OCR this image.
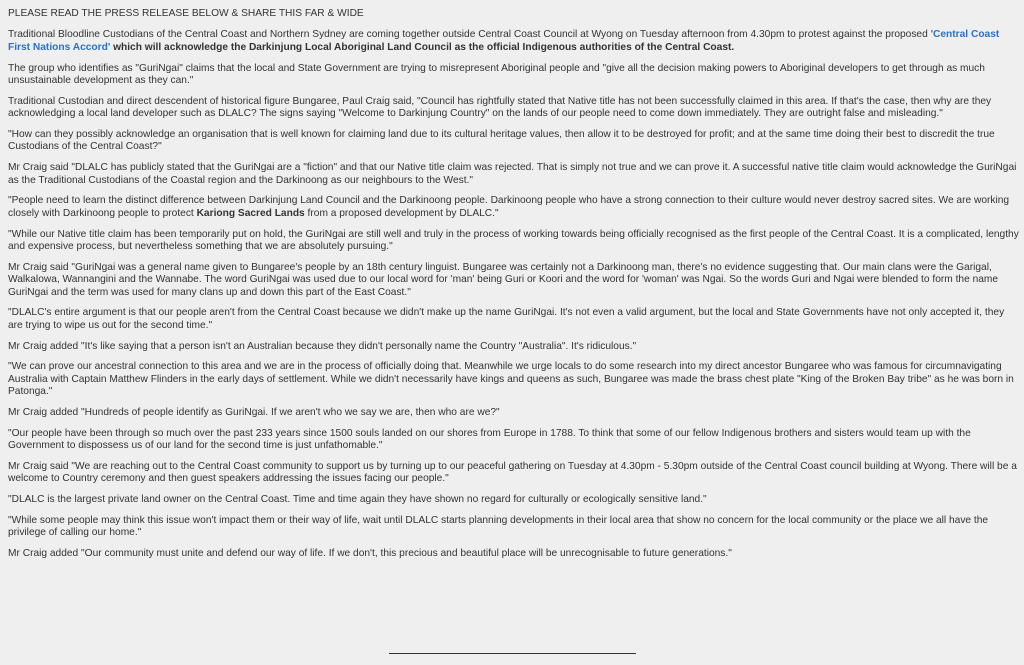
PLEASE READ THE PRESS RELEASE BELOW & SHARE THIS FAR & WIDE

Traditional Bloodline Custodians of the Central Coast and Northern Sydney are coming together outside Central Coast Council at Wyong on Tuesday afternoon from 4.30pm to protest against the proposed 'Central Coast First Nations Accord' which will acknowledge the Darkinjung Local Aboriginal Land Council as the official Indigenous authorities of the Central Coast.

The group who identifies as "GuriNgai" claims that the local and State Government are trying to misrepresent Aboriginal people and "give all the decision making powers to Aboriginal developers to get through as much unsustainable development as they can."

Traditional Custodian and direct descendent of historical figure Bungaree, Paul Craig said, "Council has rightfully stated that Native title has not been successfully claimed in this area. If that's the case, then why are they acknowledging a local land developer such as DLALC? The signs saying "Welcome to Darkinjung Country" on the lands of our people need to come down immediately. They are outright false and misleading."

"How can they possibly acknowledge an organisation that is well known for claiming land due to its cultural heritage values, then allow it to be destroyed for profit; and at the same time doing their best to discredit the true Custodians of the Central Coast?"

Mr Craig said "DLALC has publicly stated that the GuriNgai are a "fiction" and that our Native title claim was rejected. That is simply not true and we can prove it. A successful native title claim would acknowledge the GuriNgai as the Traditional Custodians of the Coastal region and the Darkinoong as our neighbours to the West."

"People need to learn the distinct difference between Darkinjung Land Council and the Darkinoong people. Darkinoong people who have a strong connection to their culture would never destroy sacred sites. We are working closely with Darkinoong people to protect Kariong Sacred Lands from a proposed development by DLALC."

"While our Native title claim has been temporarily put on hold, the GuriNgai are still well and truly in the process of working towards being officially recognised as the first people of the Central Coast. It is a complicated, lengthy and expensive process, but nevertheless something that we are absolutely pursuing."

Mr Craig said "GuriNgai was a general name given to Bungaree's people by an 18th century linguist. Bungaree was certainly not a Darkinoong man, there's no evidence suggesting that. Our main clans were the Garigal, Walkalowa, Wannangini and the Wannabe. The word GuriNgai was used due to our local word for 'man' being Guri or Koori and the word for 'woman' was Ngai. So the words Guri and Ngai were blended to form the name GuriNgai and the term was used for many clans up and down this part of the East Coast."

"DLALC's entire argument is that our people aren't from the Central Coast because we didn't make up the name GuriNgai. It's not even a valid argument, but the local and State Governments have not only accepted it, they are trying to wipe us out for the second time."

Mr Craig added "It's like saying that a person isn't an Australian because they didn't personally name the Country "Australia". It's ridiculous."

"We can prove our ancestral connection to this area and we are in the process of officially doing that. Meanwhile we urge locals to do some research into my direct ancestor Bungaree who was famous for circumnavigating Australia with Captain Matthew Flinders in the early days of settlement. While we didn't necessarily have kings and queens as such, Bungaree was made the brass chest plate "King of the Broken Bay tribe" as he was born in Patonga."

Mr Craig added "Hundreds of people identify as GuriNgai. If we aren't who we say we are, then who are we?"

"Our people have been through so much over the past 233 years since 1500 souls landed on our shores from Europe in 1788. To think that some of our fellow Indigenous brothers and sisters would team up with the Government to dispossess us of our land for the second time is just unfathomable."

Mr Craig said "We are reaching out to the Central Coast community to support us by turning up to our peaceful gathering on Tuesday at 4.30pm - 5.30pm outside of the Central Coast council building at Wyong. There will be a welcome to Country ceremony and then guest speakers addressing the issues facing our people."

"DLALC is the largest private land owner on the Central Coast. Time and time again they have shown no regard for culturally or ecologically sensitive land."

"While some people may think this issue won't impact them or their way of life, wait until DLALC starts planning developments in their local area that show no concern for the local community or the place we all have the privilege of calling our home."

Mr Craig added "Our community must unite and defend our way of life. If we don't, this precious and beautiful place will be unrecognisable to future generations."
